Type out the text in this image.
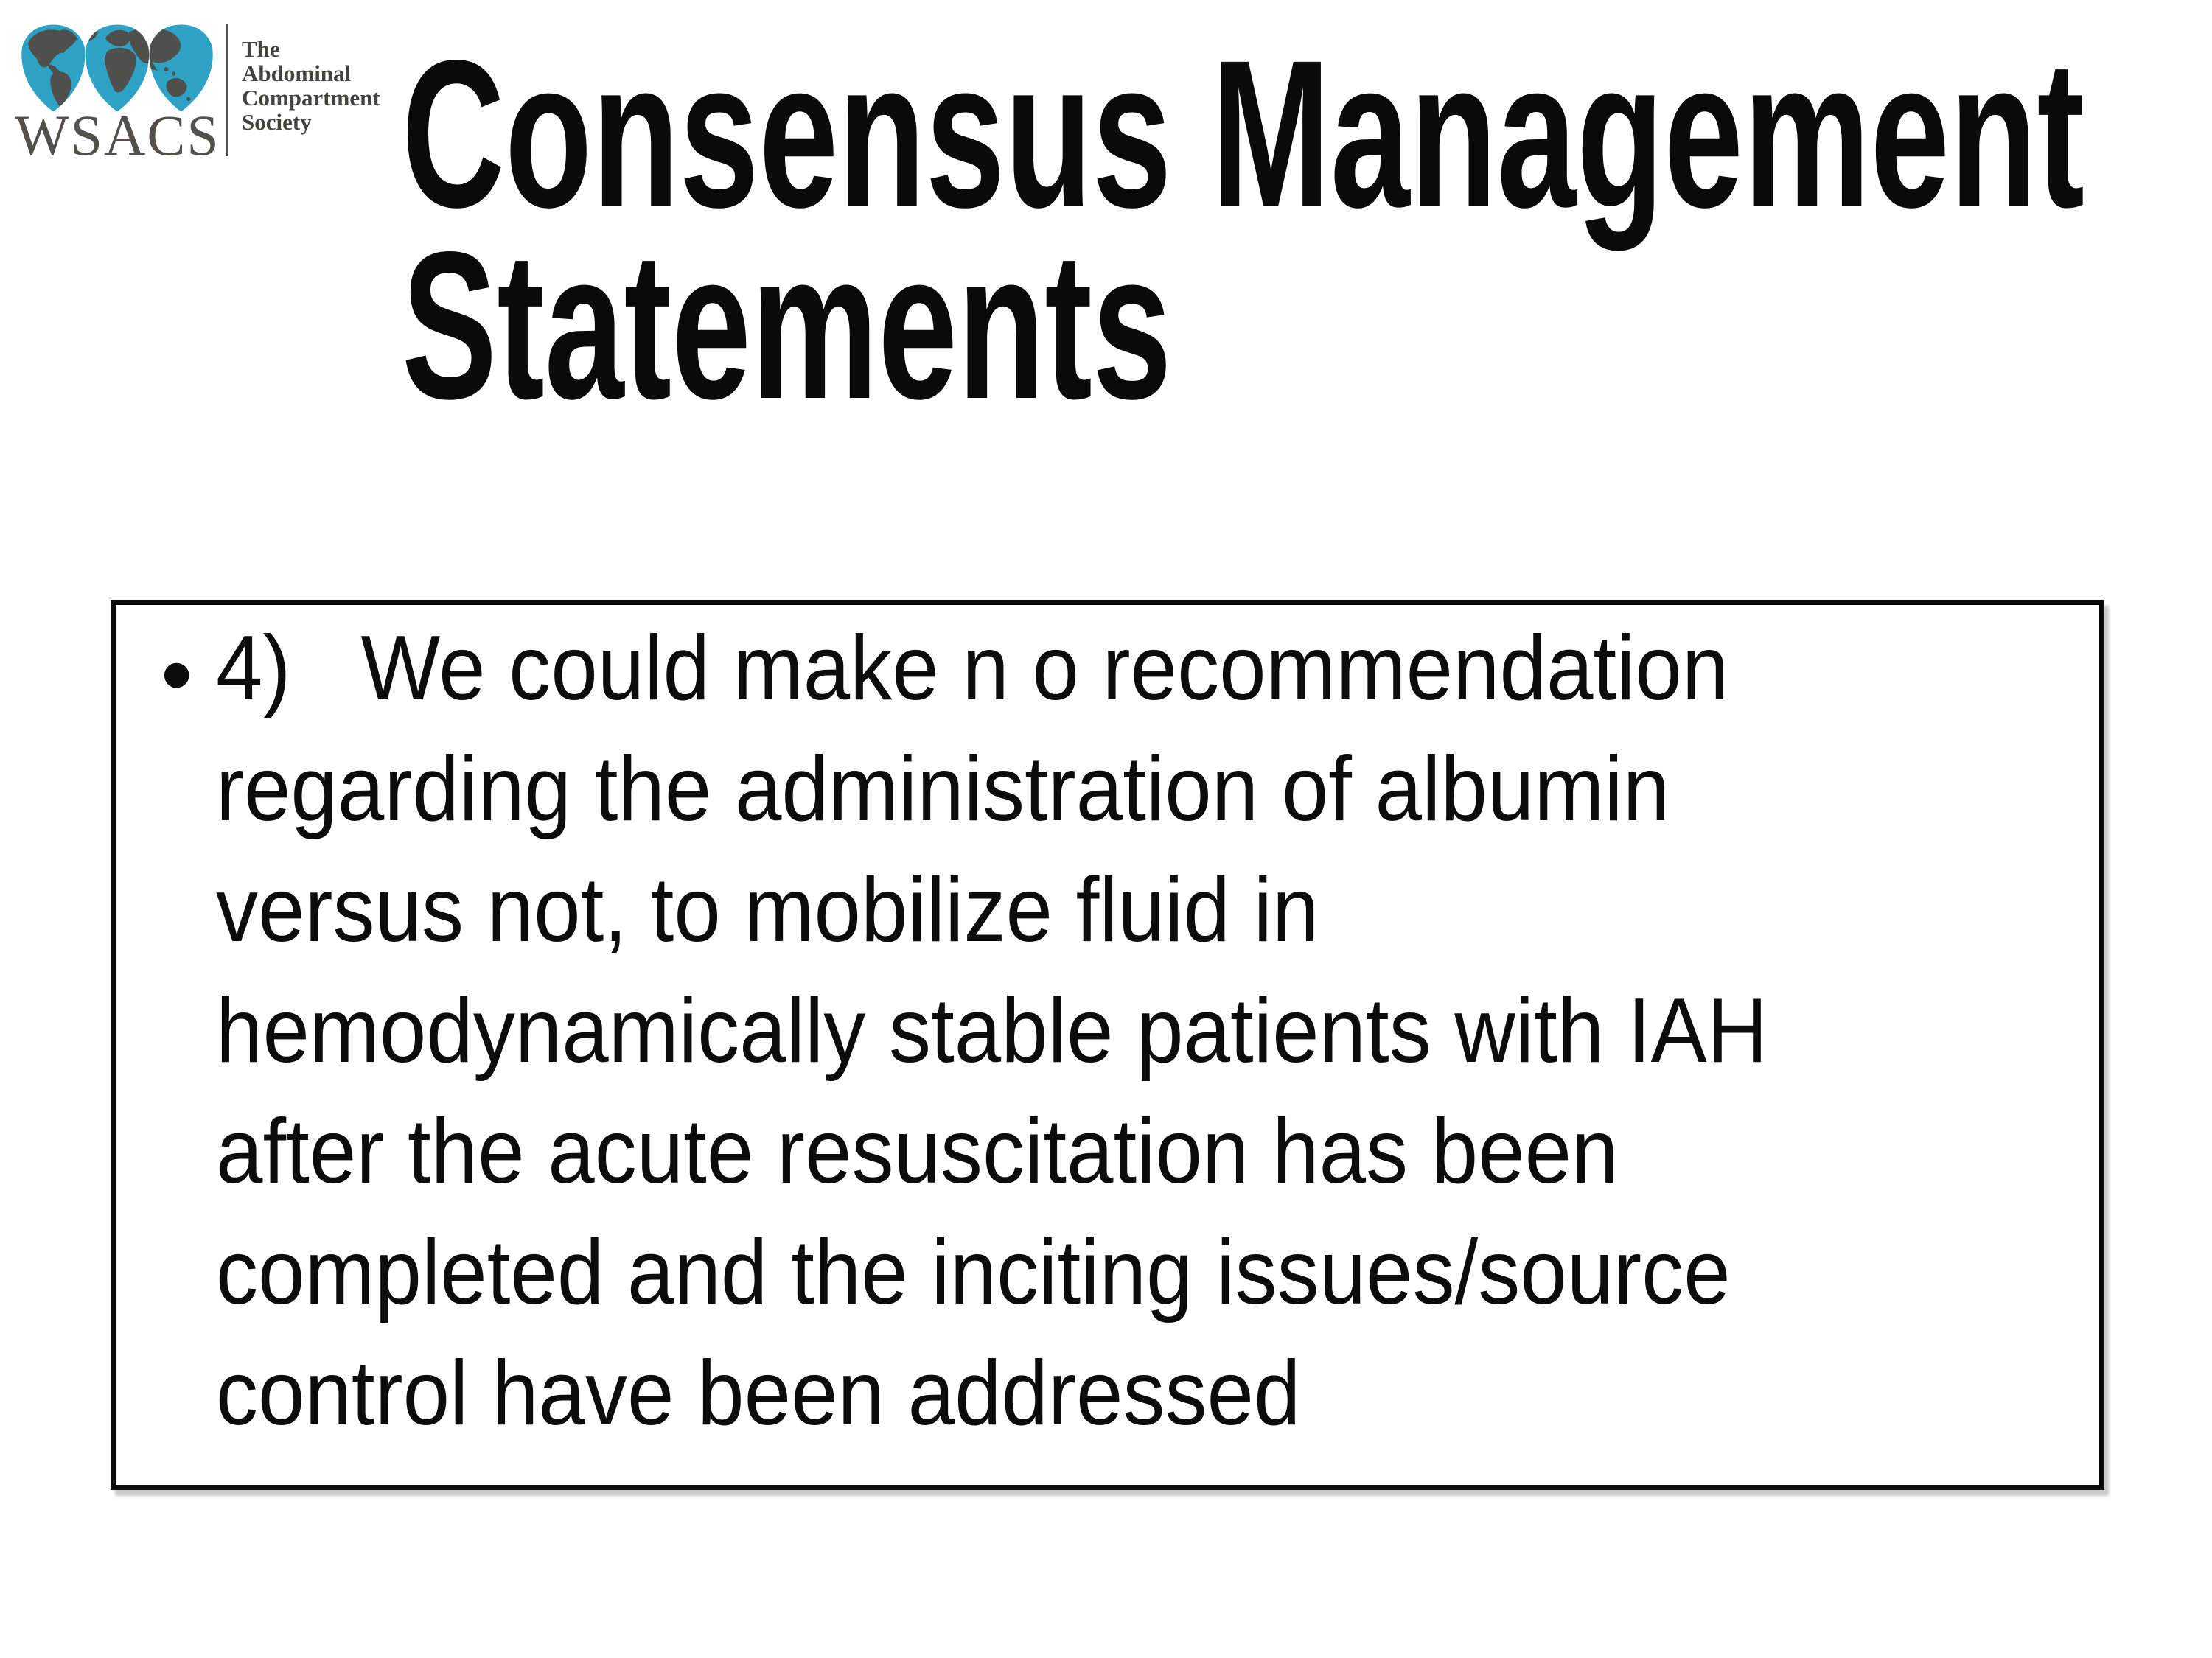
WSACS
The
Abdominal
Compartment
Society Consensus Management
Statements
• 4)   We could make n o recommendation
regarding the administration of albumin
versus not, to mobilize fluid in
hemodynamically stable patients with IAH
after the acute resuscitation has been
completed and the inciting issues/source
control have been addressed
